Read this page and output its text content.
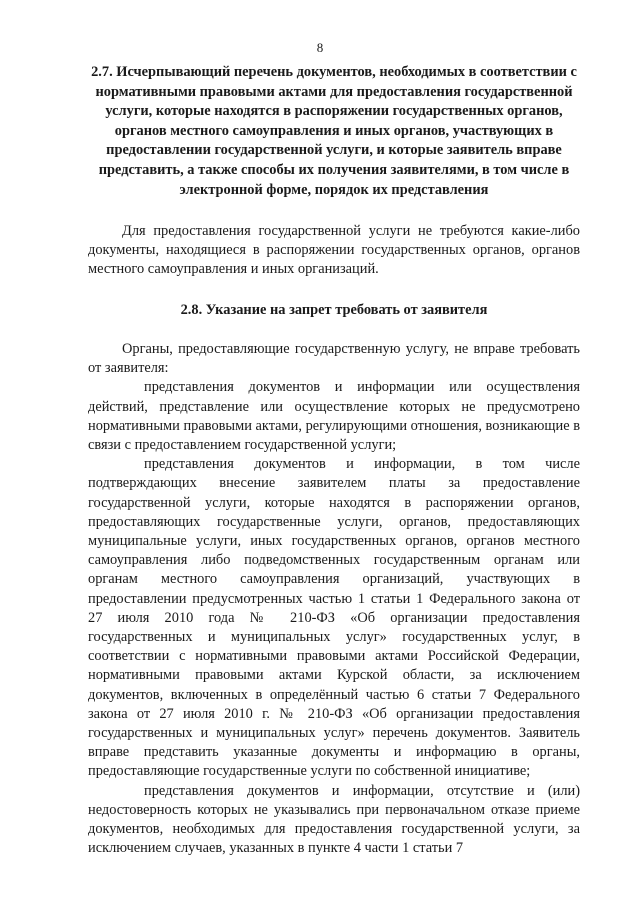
8
2.7. Исчерпывающий перечень документов, необходимых в соответствии с нормативными правовыми актами для предоставления государственной услуги, которые находятся в распоряжении государственных органов, органов местного самоуправления и иных органов, участвующих в предоставлении государственной услуги, и которые заявитель вправе представить, а также способы их получения заявителями, в том числе в электронной форме, порядок их представления

Для предоставления государственной услуги не требуются какие-либо документы, находящиеся в распоряжении государственных органов, органов местного самоуправления и иных организаций.

2.8. Указание на запрет требовать от заявителя

Органы, предоставляющие государственную услугу, не вправе требовать от заявителя:

представления документов и информации или осуществления действий, представление или осуществление которых не предусмотрено нормативными правовыми актами, регулирующими отношения, возникающие в связи с предоставлением государственной услуги;

представления документов и информации, в том числе подтверждающих внесение заявителем платы за предоставление государственной услуги, которые находятся в распоряжении органов, предоставляющих государственные услуги, органов, предоставляющих муниципальные услуги, иных государственных органов, органов местного самоуправления либо подведомственных государственным органам или органам местного самоуправления организаций, участвующих в предоставлении предусмотренных частью 1 статьи 1 Федерального закона от 27 июля 2010 года № 210-ФЗ «Об организации предоставления государственных и муниципальных услуг» государственных услуг, в соответствии с нормативными правовыми актами Российской Федерации, нормативными правовыми актами Курской области, за исключением документов, включенных в определённый частью 6 статьи 7 Федерального закона от 27 июля 2010 г. № 210-ФЗ «Об организации предоставления государственных и муниципальных услуг» перечень документов. Заявитель вправе представить указанные документы и информацию в органы, предоставляющие государственные услуги по собственной инициативе;

представления документов и информации, отсутствие и (или) недостоверность которых не указывались при первоначальном отказе приеме документов, необходимых для предоставления государственной услуги, за исключением случаев, указанных в пункте 4 части 1 статьи 7
